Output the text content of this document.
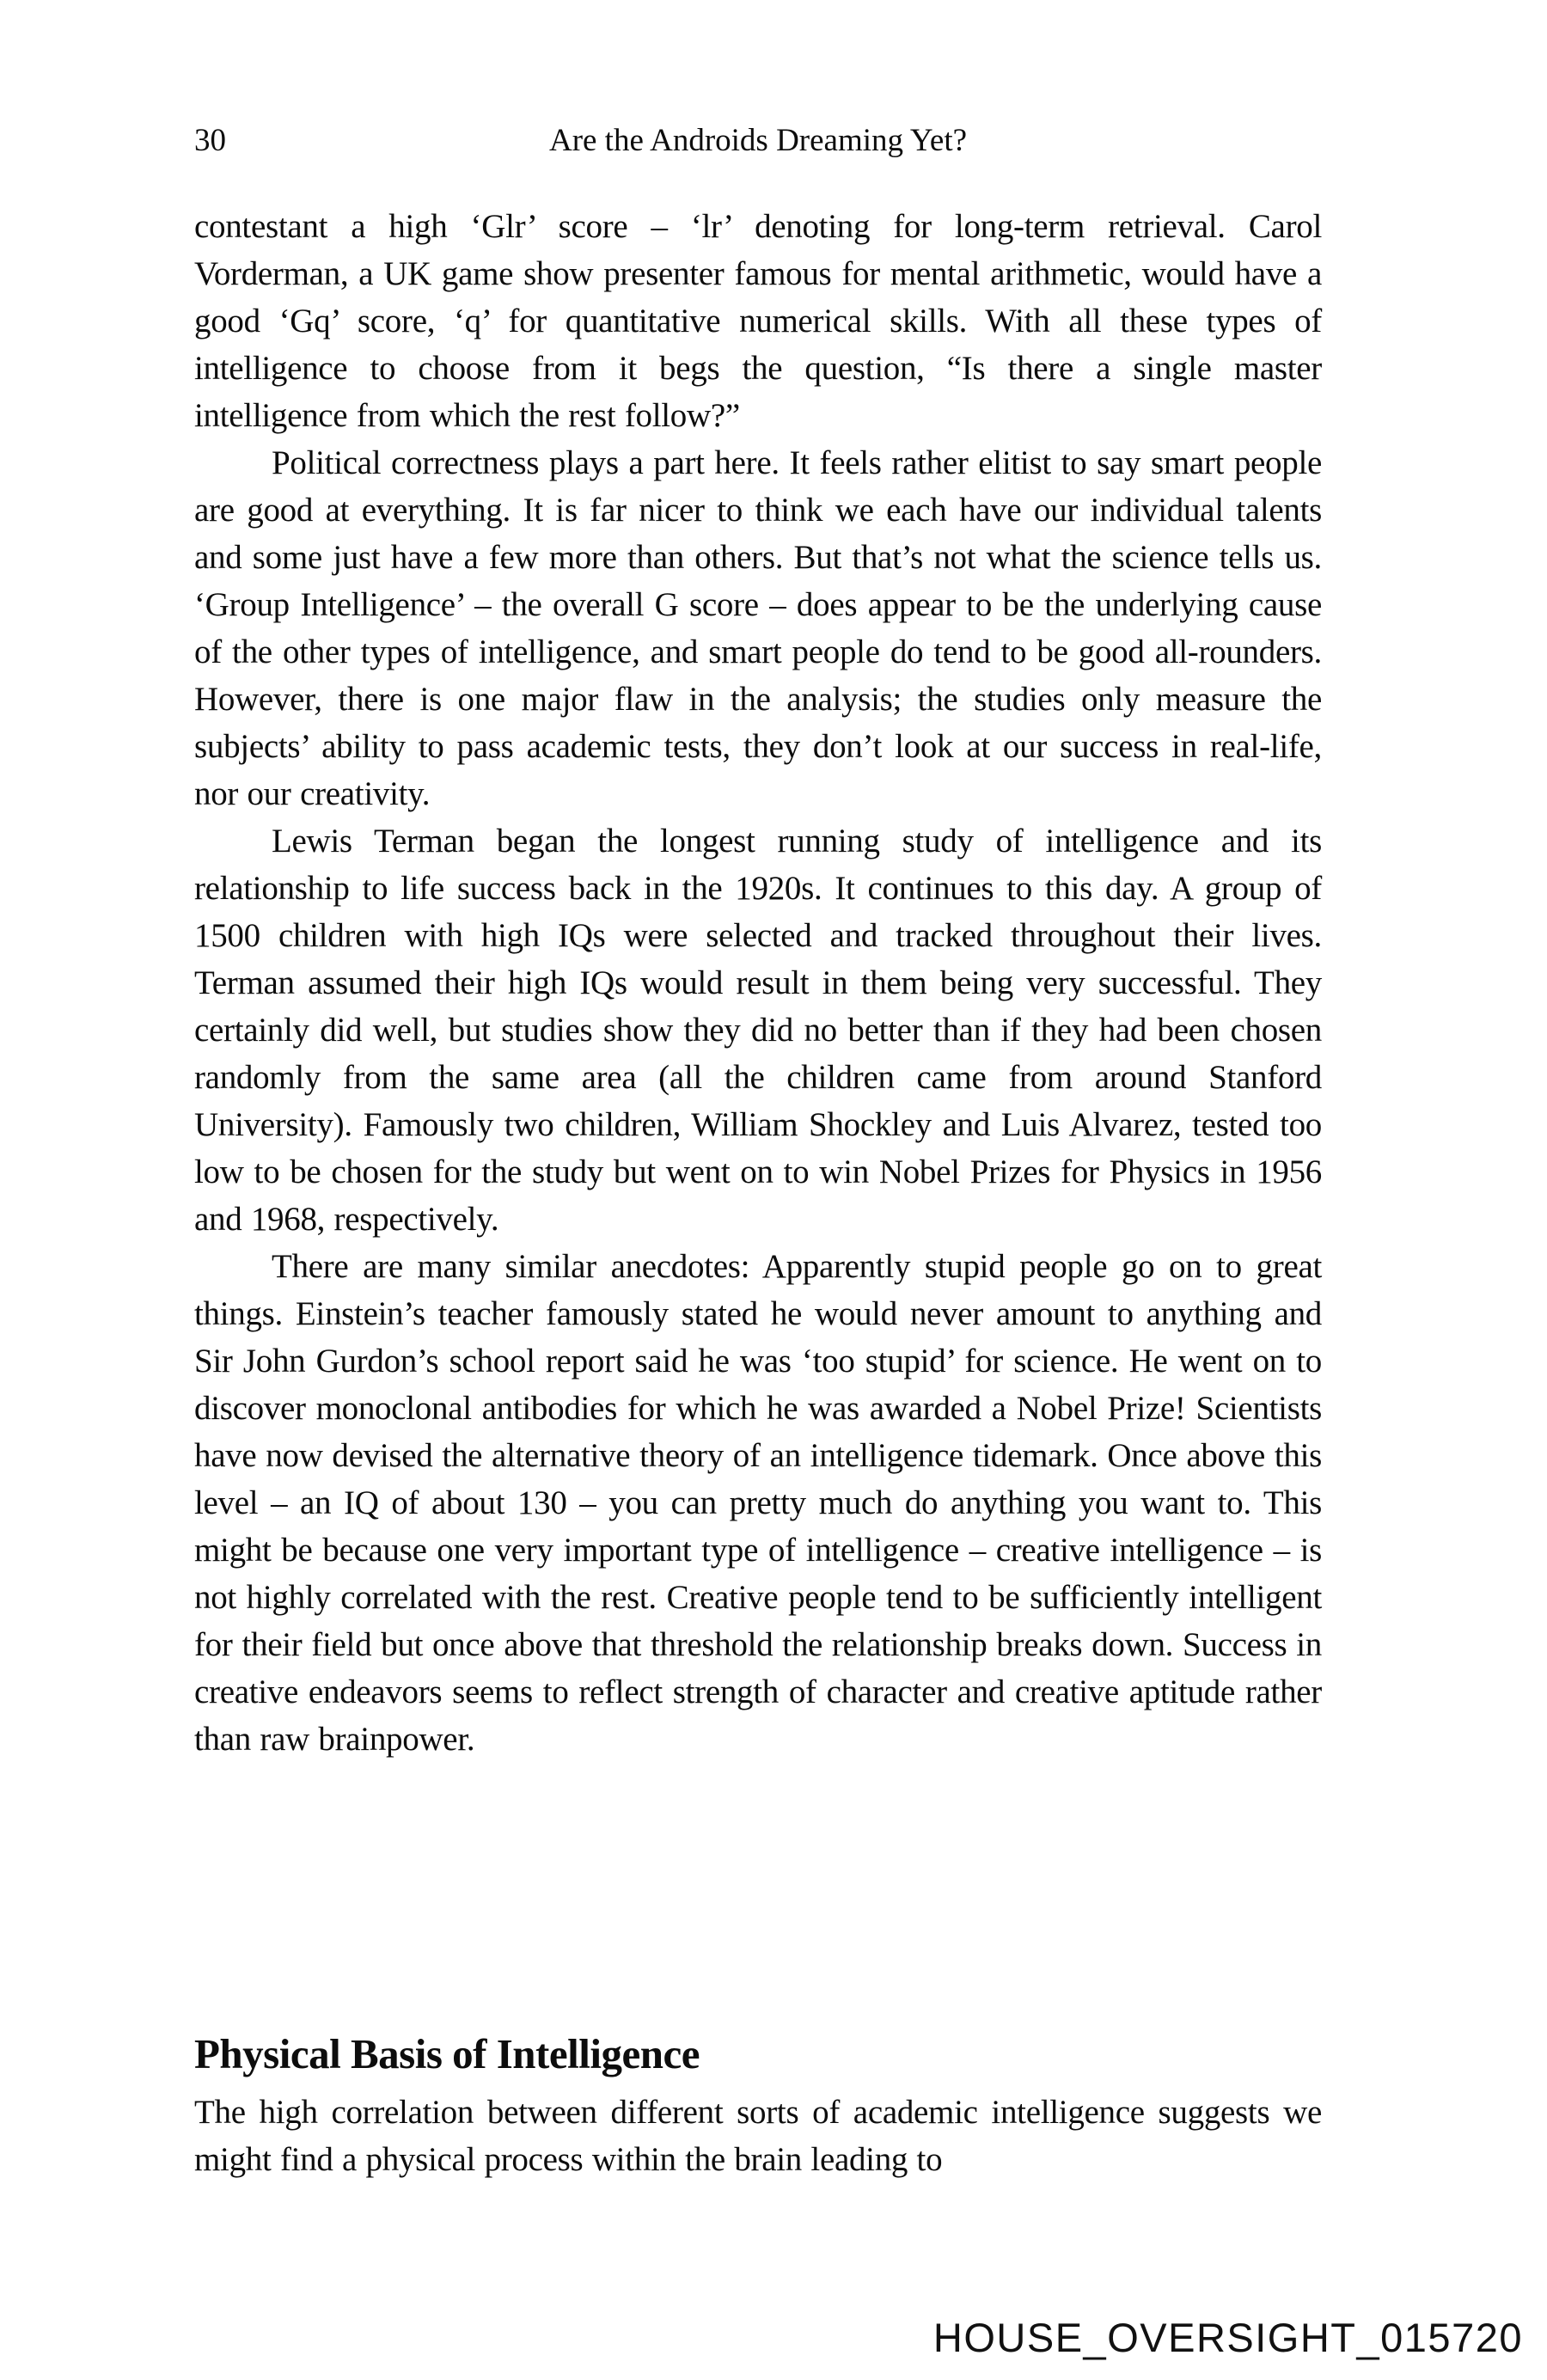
30	Are the Androids Dreaming Yet?

contestant a high ‘Glr’ score – ‘lr’ denoting for long-term retrieval. Carol Vorderman, a UK game show presenter famous for mental arithmetic, would have a good ‘Gq’ score, ‘q’ for quantitative numerical skills. With all these types of intelligence to choose from it begs the question, “Is there a single master intelligence from which the rest follow?”

Political correctness plays a part here. It feels rather elitist to say smart people are good at everything. It is far nicer to think we each have our individual talents and some just have a few more than others. But that’s not what the science tells us. ‘Group Intelligence’ – the overall G score – does appear to be the underlying cause of the other types of intelligence, and smart people do tend to be good all-rounders. However, there is one major flaw in the analysis; the studies only measure the subjects’ ability to pass academic tests, they don’t look at our success in real-life, nor our creativity.

Lewis Terman began the longest running study of intelligence and its relationship to life success back in the 1920s. It continues to this day. A group of 1500 children with high IQs were selected and tracked throughout their lives. Terman assumed their high IQs would result in them being very successful. They certainly did well, but studies show they did no better than if they had been chosen randomly from the same area (all the children came from around Stanford University). Famously two children, William Shockley and Luis Alvarez, tested too low to be chosen for the study but went on to win Nobel Prizes for Physics in 1956 and 1968, respectively.

There are many similar anecdotes: Apparently stupid people go on to great things. Einstein’s teacher famously stated he would never amount to anything and Sir John Gurdon’s school report said he was ‘too stupid’ for science. He went on to discover monoclonal antibodies for which he was awarded a Nobel Prize! Scientists have now devised the alternative theory of an intelligence tidemark. Once above this level – an IQ of about 130 – you can pretty much do anything you want to. This might be because one very important type of intelligence – creative intelligence – is not highly correlated with the rest. Creative people tend to be sufficiently intelligent for their field but once above that threshold the relationship breaks down. Success in creative endeavors seems to reflect strength of character and creative aptitude rather than raw brainpower.

Physical Basis of Intelligence

The high correlation between different sorts of academic intelligence suggests we might find a physical process within the brain leading to

HOUSE_OVERSIGHT_015720
